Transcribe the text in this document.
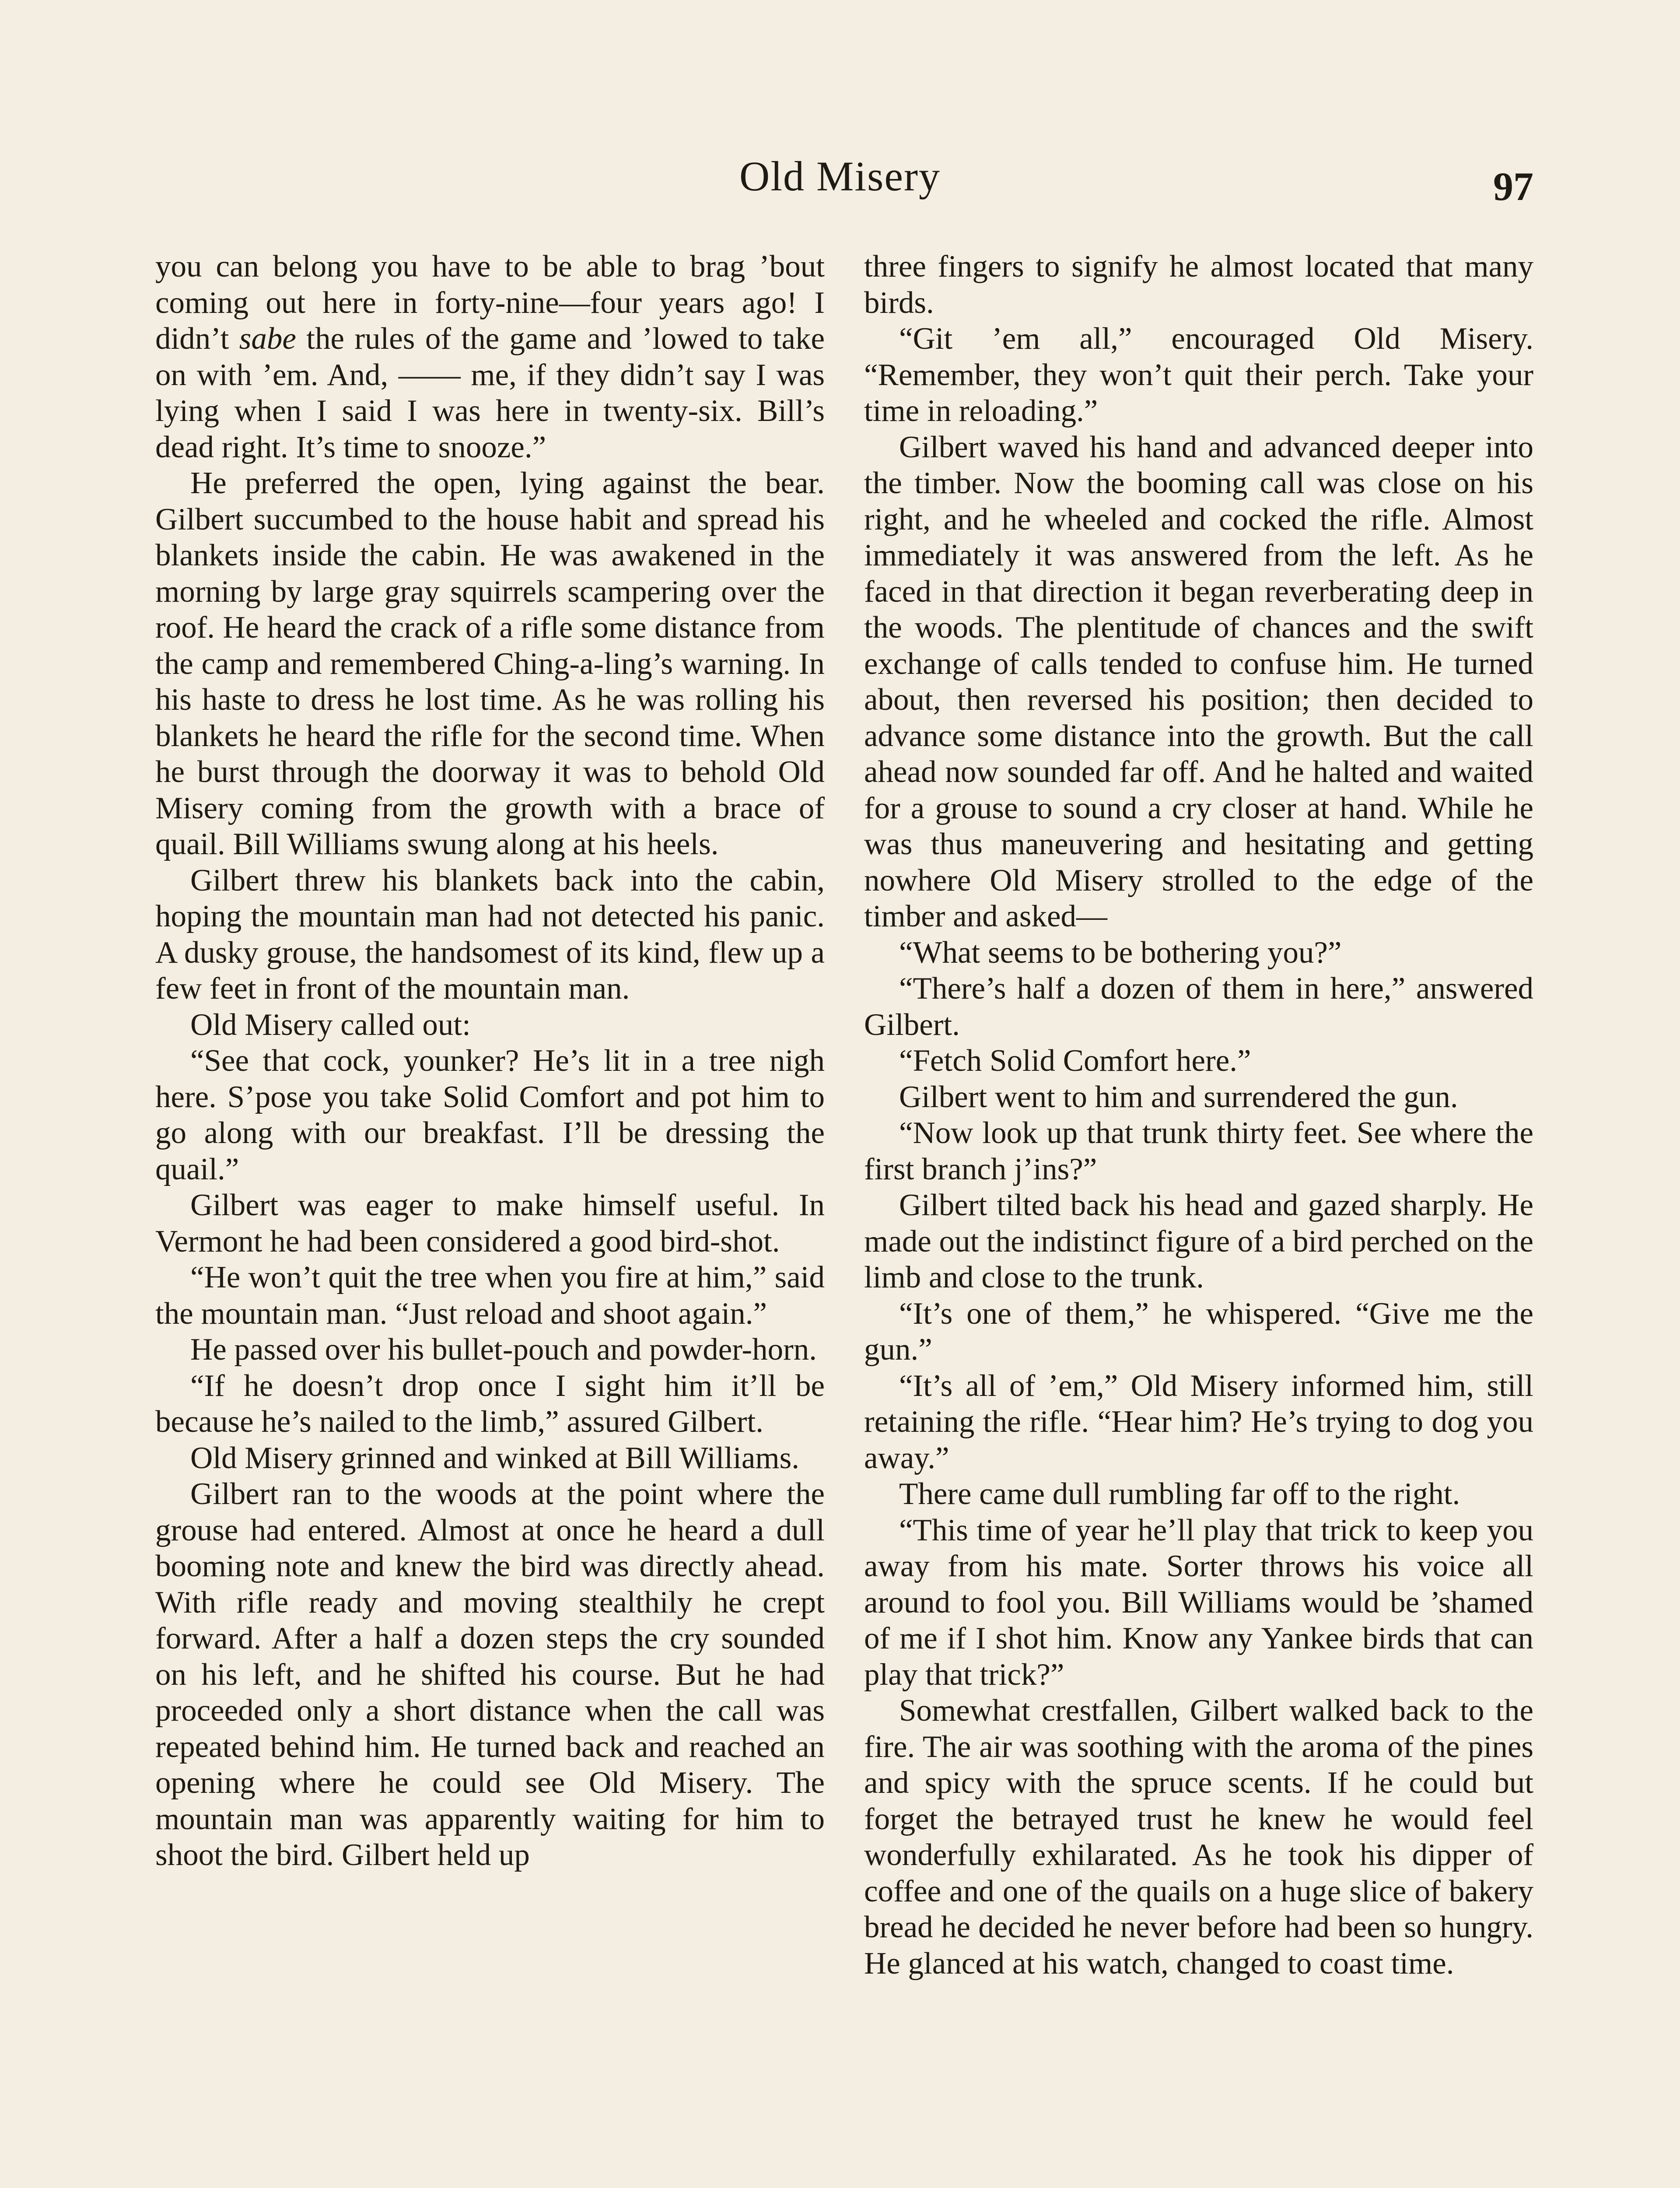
Old Misery	97

you can belong you have to be able to brag ’bout coming out here in forty-nine—four years ago! I didn’t sabe the rules of the game and ’lowed to take on with ’em. And, —— me, if they didn’t say I was lying when I said I was here in twenty-six. Bill’s dead right. It’s time to snooze.”

He preferred the open, lying against the bear. Gilbert succumbed to the house habit and spread his blankets inside the cabin. He was awakened in the morning by large gray squirrels scampering over the roof. He heard the crack of a rifle some distance from the camp and remembered Ching-a-ling’s warning. In his haste to dress he lost time. As he was rolling his blankets he heard the rifle for the second time. When he burst through the doorway it was to behold Old Misery coming from the growth with a brace of quail. Bill Williams swung along at his heels.

Gilbert threw his blankets back into the cabin, hoping the mountain man had not detected his panic. A dusky grouse, the handsomest of its kind, flew up a few feet in front of the mountain man.

Old Misery called out:

“See that cock, younker? He’s lit in a tree nigh here. S’pose you take Solid Comfort and pot him to go along with our breakfast. I’ll be dressing the quail.”

Gilbert was eager to make himself useful. In Vermont he had been considered a good bird-shot.

“He won’t quit the tree when you fire at him,” said the mountain man. “Just reload and shoot again.”

He passed over his bullet-pouch and powder-horn.

“If he doesn’t drop once I sight him it’ll be because he’s nailed to the limb,” assured Gilbert.

Old Misery grinned and winked at Bill Williams.

Gilbert ran to the woods at the point where the grouse had entered. Almost at once he heard a dull booming note and knew the bird was directly ahead. With rifle ready and moving stealthily he crept forward. After a half a dozen steps the cry sounded on his left, and he shifted his course. But he had proceeded only a short distance when the call was repeated behind him. He turned back and reached an opening where he could see Old Misery. The mountain man was apparently waiting for him to shoot the bird. Gilbert held up

three fingers to signify he almost located that many birds.

“Git ’em all,” encouraged Old Misery. “Remember, they won’t quit their perch. Take your time in reloading.”

Gilbert waved his hand and advanced deeper into the timber. Now the booming call was close on his right, and he wheeled and cocked the rifle. Almost immediately it was answered from the left. As he faced in that direction it began reverberating deep in the woods. The plentitude of chances and the swift exchange of calls tended to confuse him. He turned about, then reversed his position; then decided to advance some distance into the growth. But the call ahead now sounded far off. And he halted and waited for a grouse to sound a cry closer at hand. While he was thus maneuvering and hesitating and getting nowhere Old Misery strolled to the edge of the timber and asked—

“What seems to be bothering you?”

“There’s half a dozen of them in here,” answered Gilbert.

“Fetch Solid Comfort here.”

Gilbert went to him and surrendered the gun.

“Now look up that trunk thirty feet. See where the first branch j’ins?”

Gilbert tilted back his head and gazed sharply. He made out the indistinct figure of a bird perched on the limb and close to the trunk.

“It’s one of them,” he whispered. “Give me the gun.”

“It’s all of ’em,” Old Misery informed him, still retaining the rifle. “Hear him? He’s trying to dog you away.”

There came dull rumbling far off to the right.

“This time of year he’ll play that trick to keep you away from his mate. Sorter throws his voice all around to fool you. Bill Williams would be ’shamed of me if I shot him. Know any Yankee birds that can play that trick?”

Somewhat crestfallen, Gilbert walked back to the fire. The air was soothing with the aroma of the pines and spicy with the spruce scents. If he could but forget the betrayed trust he knew he would feel wonderfully exhilarated. As he took his dipper of coffee and one of the quails on a huge slice of bakery bread he decided he never before had been so hungry. He glanced at his watch, changed to coast time.
